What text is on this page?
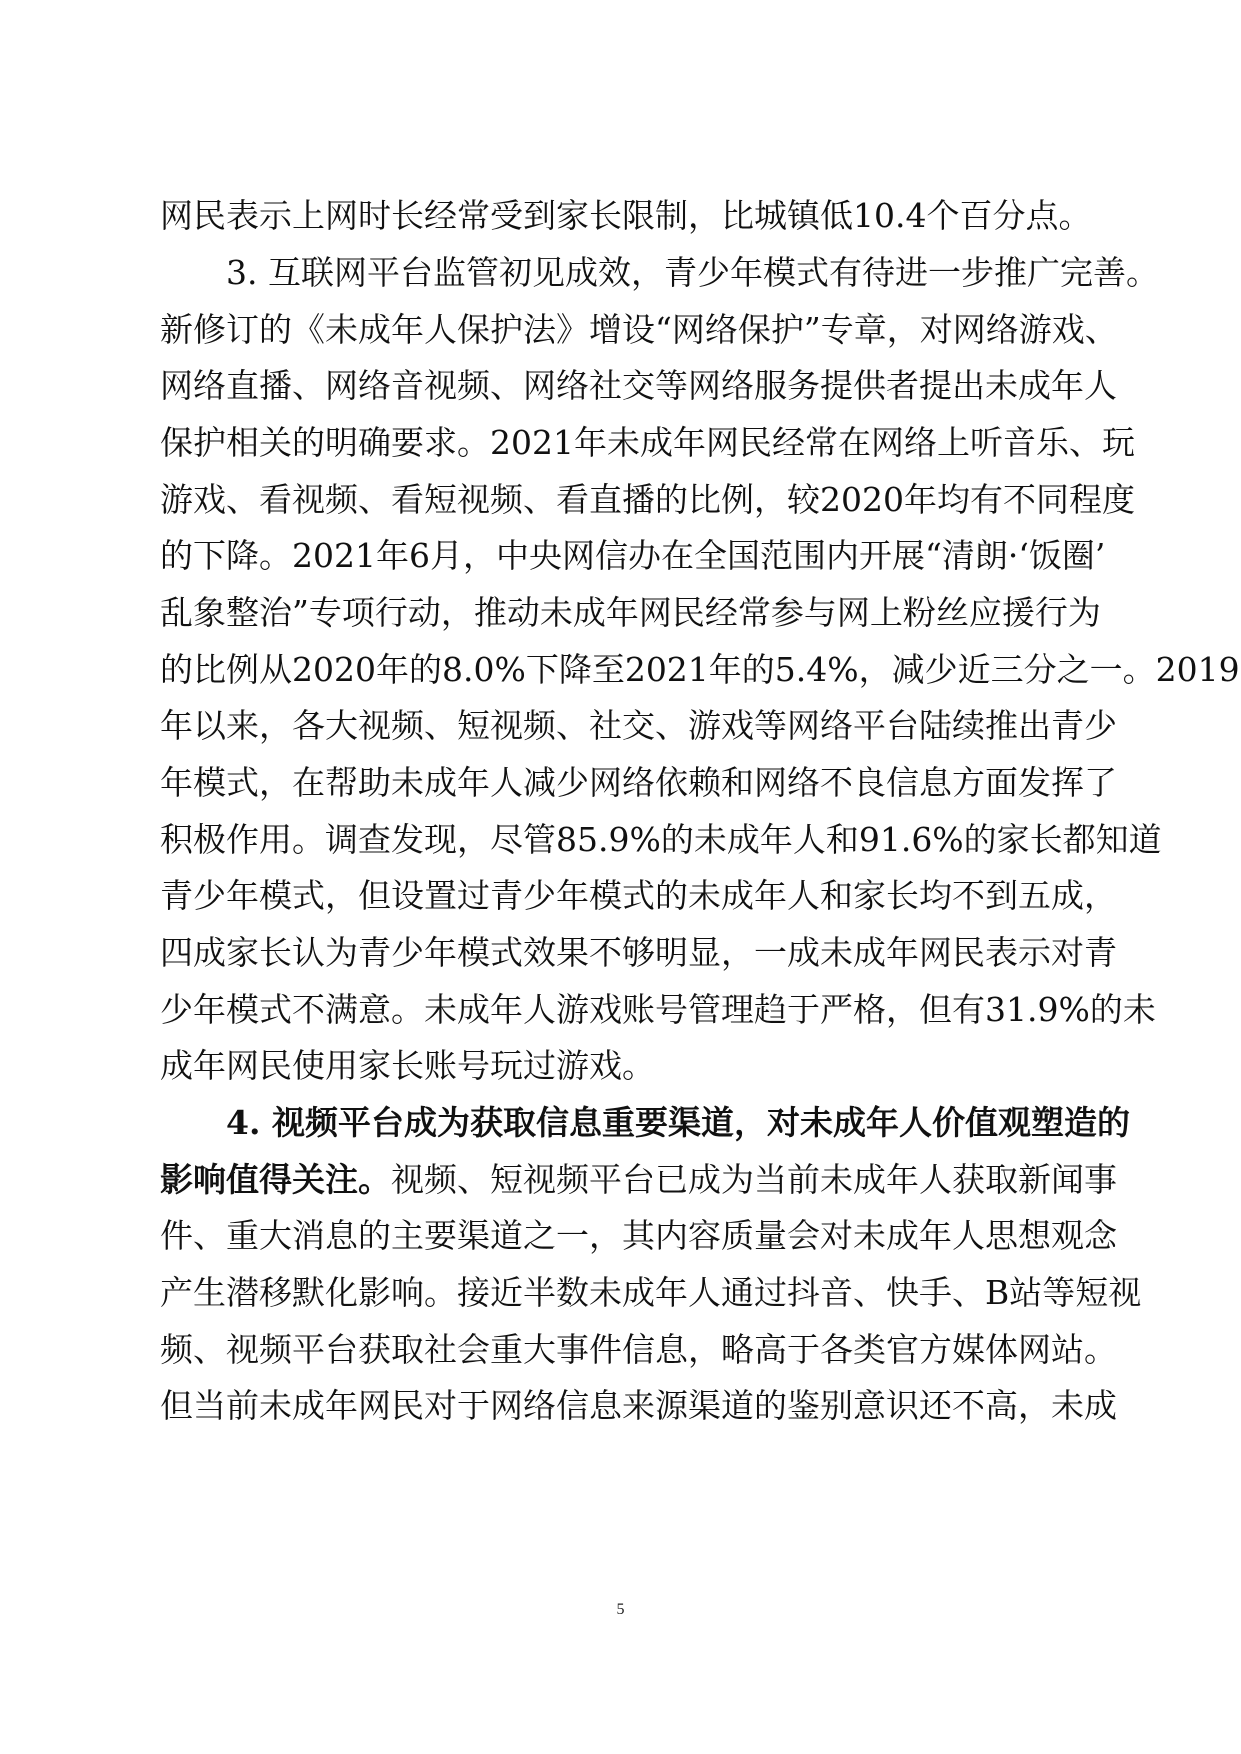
网民表示上网时长经常受到家长限制，比城镇低10.4个百分点。
3. 互联网平台监管初见成效，青少年模式有待进一步推广完善。
新修订的《未成年人保护法》增设“网络保护”专章，对网络游戏、
网络直播、网络音视频、网络社交等网络服务提供者提出未成年人
保护相关的明确要求。2021年未成年网民经常在网络上听音乐、玩
游戏、看视频、看短视频、看直播的比例，较2020年均有不同程度
的下降。2021年6月，中央网信办在全国范围内开展“清朗·‘饭圈’
乱象整治”专项行动，推动未成年网民经常参与网上粉丝应援行为
的比例从2020年的8.0%下降至2021年的5.4%，减少近三分之一。2019
年以来，各大视频、短视频、社交、游戏等网络平台陆续推出青少
年模式，在帮助未成年人减少网络依赖和网络不良信息方面发挥了
积极作用。调查发现，尽管85.9%的未成年人和91.6%的家长都知道
青少年模式，但设置过青少年模式的未成年人和家长均不到五成，
四成家长认为青少年模式效果不够明显，一成未成年网民表示对青
少年模式不满意。未成年人游戏账号管理趋于严格，但有31.9%的未
成年网民使用家长账号玩过游戏。
4. 视频平台成为获取信息重要渠道，对未成年人价值观塑造的
影响值得关注。视频、短视频平台已成为当前未成年人获取新闻事
件、重大消息的主要渠道之一，其内容质量会对未成年人思想观念
产生潜移默化影响。接近半数未成年人通过抖音、快手、B站等短视
频、视频平台获取社会重大事件信息，略高于各类官方媒体网站。
但当前未成年网民对于网络信息来源渠道的鉴别意识还不高，未成
5
